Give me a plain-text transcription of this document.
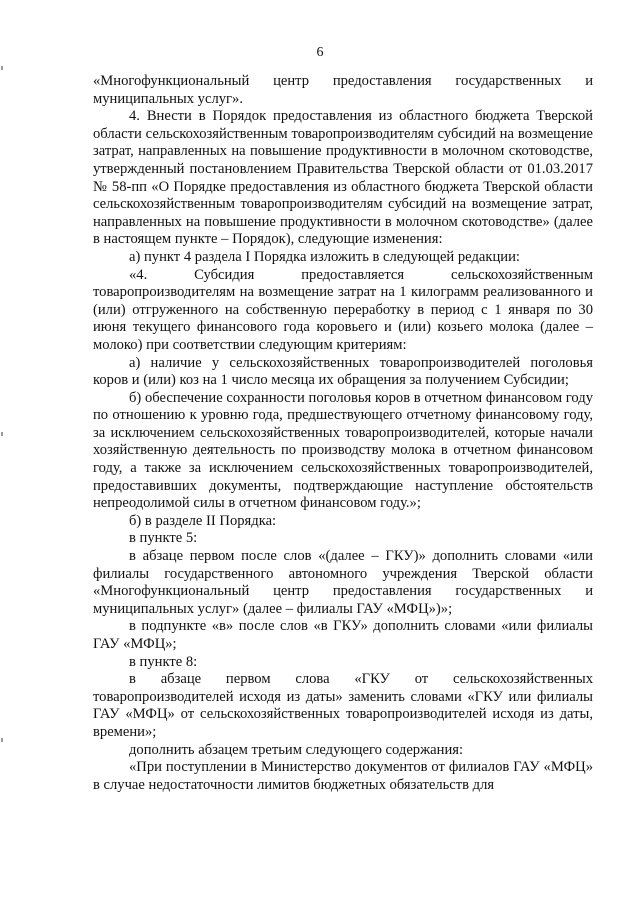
6

«Многофункциональный центр предоставления государственных и муниципальных услуг».

4. Внести в Порядок предоставления из областного бюджета Тверской области сельскохозяйственным товаропроизводителям субсидий на возмещение затрат, направленных на повышение продуктивности в молочном скотоводстве, утвержденный постановлением Правительства Тверской области от 01.03.2017 № 58-пп «О Порядке предоставления из областного бюджета Тверской области сельскохозяйственным товаропроизводителям субсидий на возмещение затрат, направленных на повышение продуктивности в молочном скотоводстве» (далее в настоящем пункте – Порядок), следующие изменения:

а) пункт 4 раздела I Порядка изложить в следующей редакции:

«4. Субсидия предоставляется сельскохозяйственным товаропроизводителям на возмещение затрат на 1 килограмм реализованного и (или) отгруженного на собственную переработку в период с 1 января по 30 июня текущего финансового года коровьего и (или) козьего молока (далее – молоко) при соответствии следующим критериям:

а) наличие у сельскохозяйственных товаропроизводителей поголовья коров и (или) коз на 1 число месяца их обращения за получением Субсидии;

б) обеспечение сохранности поголовья коров в отчетном финансовом году по отношению к уровню года, предшествующего отчетному финансовому году, за исключением сельскохозяйственных товаропроизводителей, которые начали хозяйственную деятельность по производству молока в отчетном финансовом году, а также за исключением сельскохозяйственных товаропроизводителей, предоставивших документы, подтверждающие наступление обстоятельств непреодолимой силы в отчетном финансовом году.»;

б) в разделе II Порядка:

в пункте 5:

в абзаце первом после слов «(далее – ГКУ)» дополнить словами «или филиалы государственного автономного учреждения Тверской области «Многофункциональный центр предоставления государственных и муниципальных услуг» (далее – филиалы ГАУ «МФЦ»)»;

в подпункте «в» после слов «в ГКУ» дополнить словами «или филиалы ГАУ «МФЦ»;

в пункте 8:

в абзаце первом слова «ГКУ от сельскохозяйственных товаропроизводителей исходя из даты» заменить словами «ГКУ или филиалы ГАУ «МФЦ» от сельскохозяйственных товаропроизводителей исходя из даты, времени»;

дополнить абзацем третьим следующего содержания:

«При поступлении в Министерство документов от филиалов ГАУ «МФЦ» в случае недостаточности лимитов бюджетных обязательств для
